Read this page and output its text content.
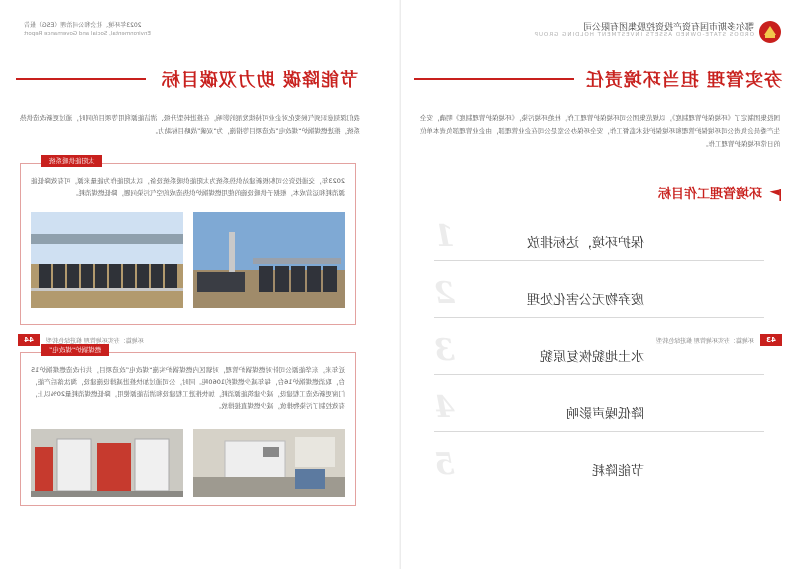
鄂尔多斯市国有资产投资控股集团有限公司
ORDOS STATE-OWNED ASSETS INVESTMENT HOLDING GROUP
夯实管理 担当环境责任
国投集团制定了《环境保护管理制度》，以规范集团公司环境保护管理工作，杜绝环境污染，《环境保护管理制度》明确，安全生产委员会负责公司环境保护管理和环境保护技术监督工作，安全环保办公室是公司在企业管理部，由企业管理部负责本单位的日常环境保护管理工作。
环境管理工作目标
1	保护环境，达标排放
2	废弃物无公害化处理
3	水土地貌恢复原貌
4	降低噪声影响
5	节能降耗
43
环境篇：夯实环境管理 推进绿色转型
2023年环境、社会和公司治理（ESG）报告
Environmental, Social and Governance Report
节能降碳 助力双碳目标
我们深刻意识到气候变化对企业可持续发展的影响，在推进转型升级、清洁能源利用等项目的同时，通过更新改造供热系统，推进燃煤锅炉“煤改电”改造项目等措施，为“双碳”战略目标助力。
太阳能供暖系统
2023年，交通投资公司积极新建站供热系统为太阳能供暖系统设备，以太阳能作为能量来源，可有效降低能源消耗和运营成本，根据子供暖设施的使用燃煤锅炉供热造成的空气污染问题，降低燃煤消耗。
燃煤锅炉“煤改电”
近年来，东华能源公司针对燃煤锅炉管理，对辖区内燃煤锅炉实施“煤改电”改造项目，共计改造燃煤锅炉15台，取消燃煤锅炉16台，每年减少燃煤约1060吨。同时，公司通过加快推进减排设施建设，淘汰落后产能，门窗更新改造工程建设，减少建筑能源消耗，加快推进工程建设和清洁能源使用，降低燃煤消耗量20%以上，有效控制了污染物排放，减少燃煤直接排放。
44	环境篇：夯实环境管理 推进绿色转型
